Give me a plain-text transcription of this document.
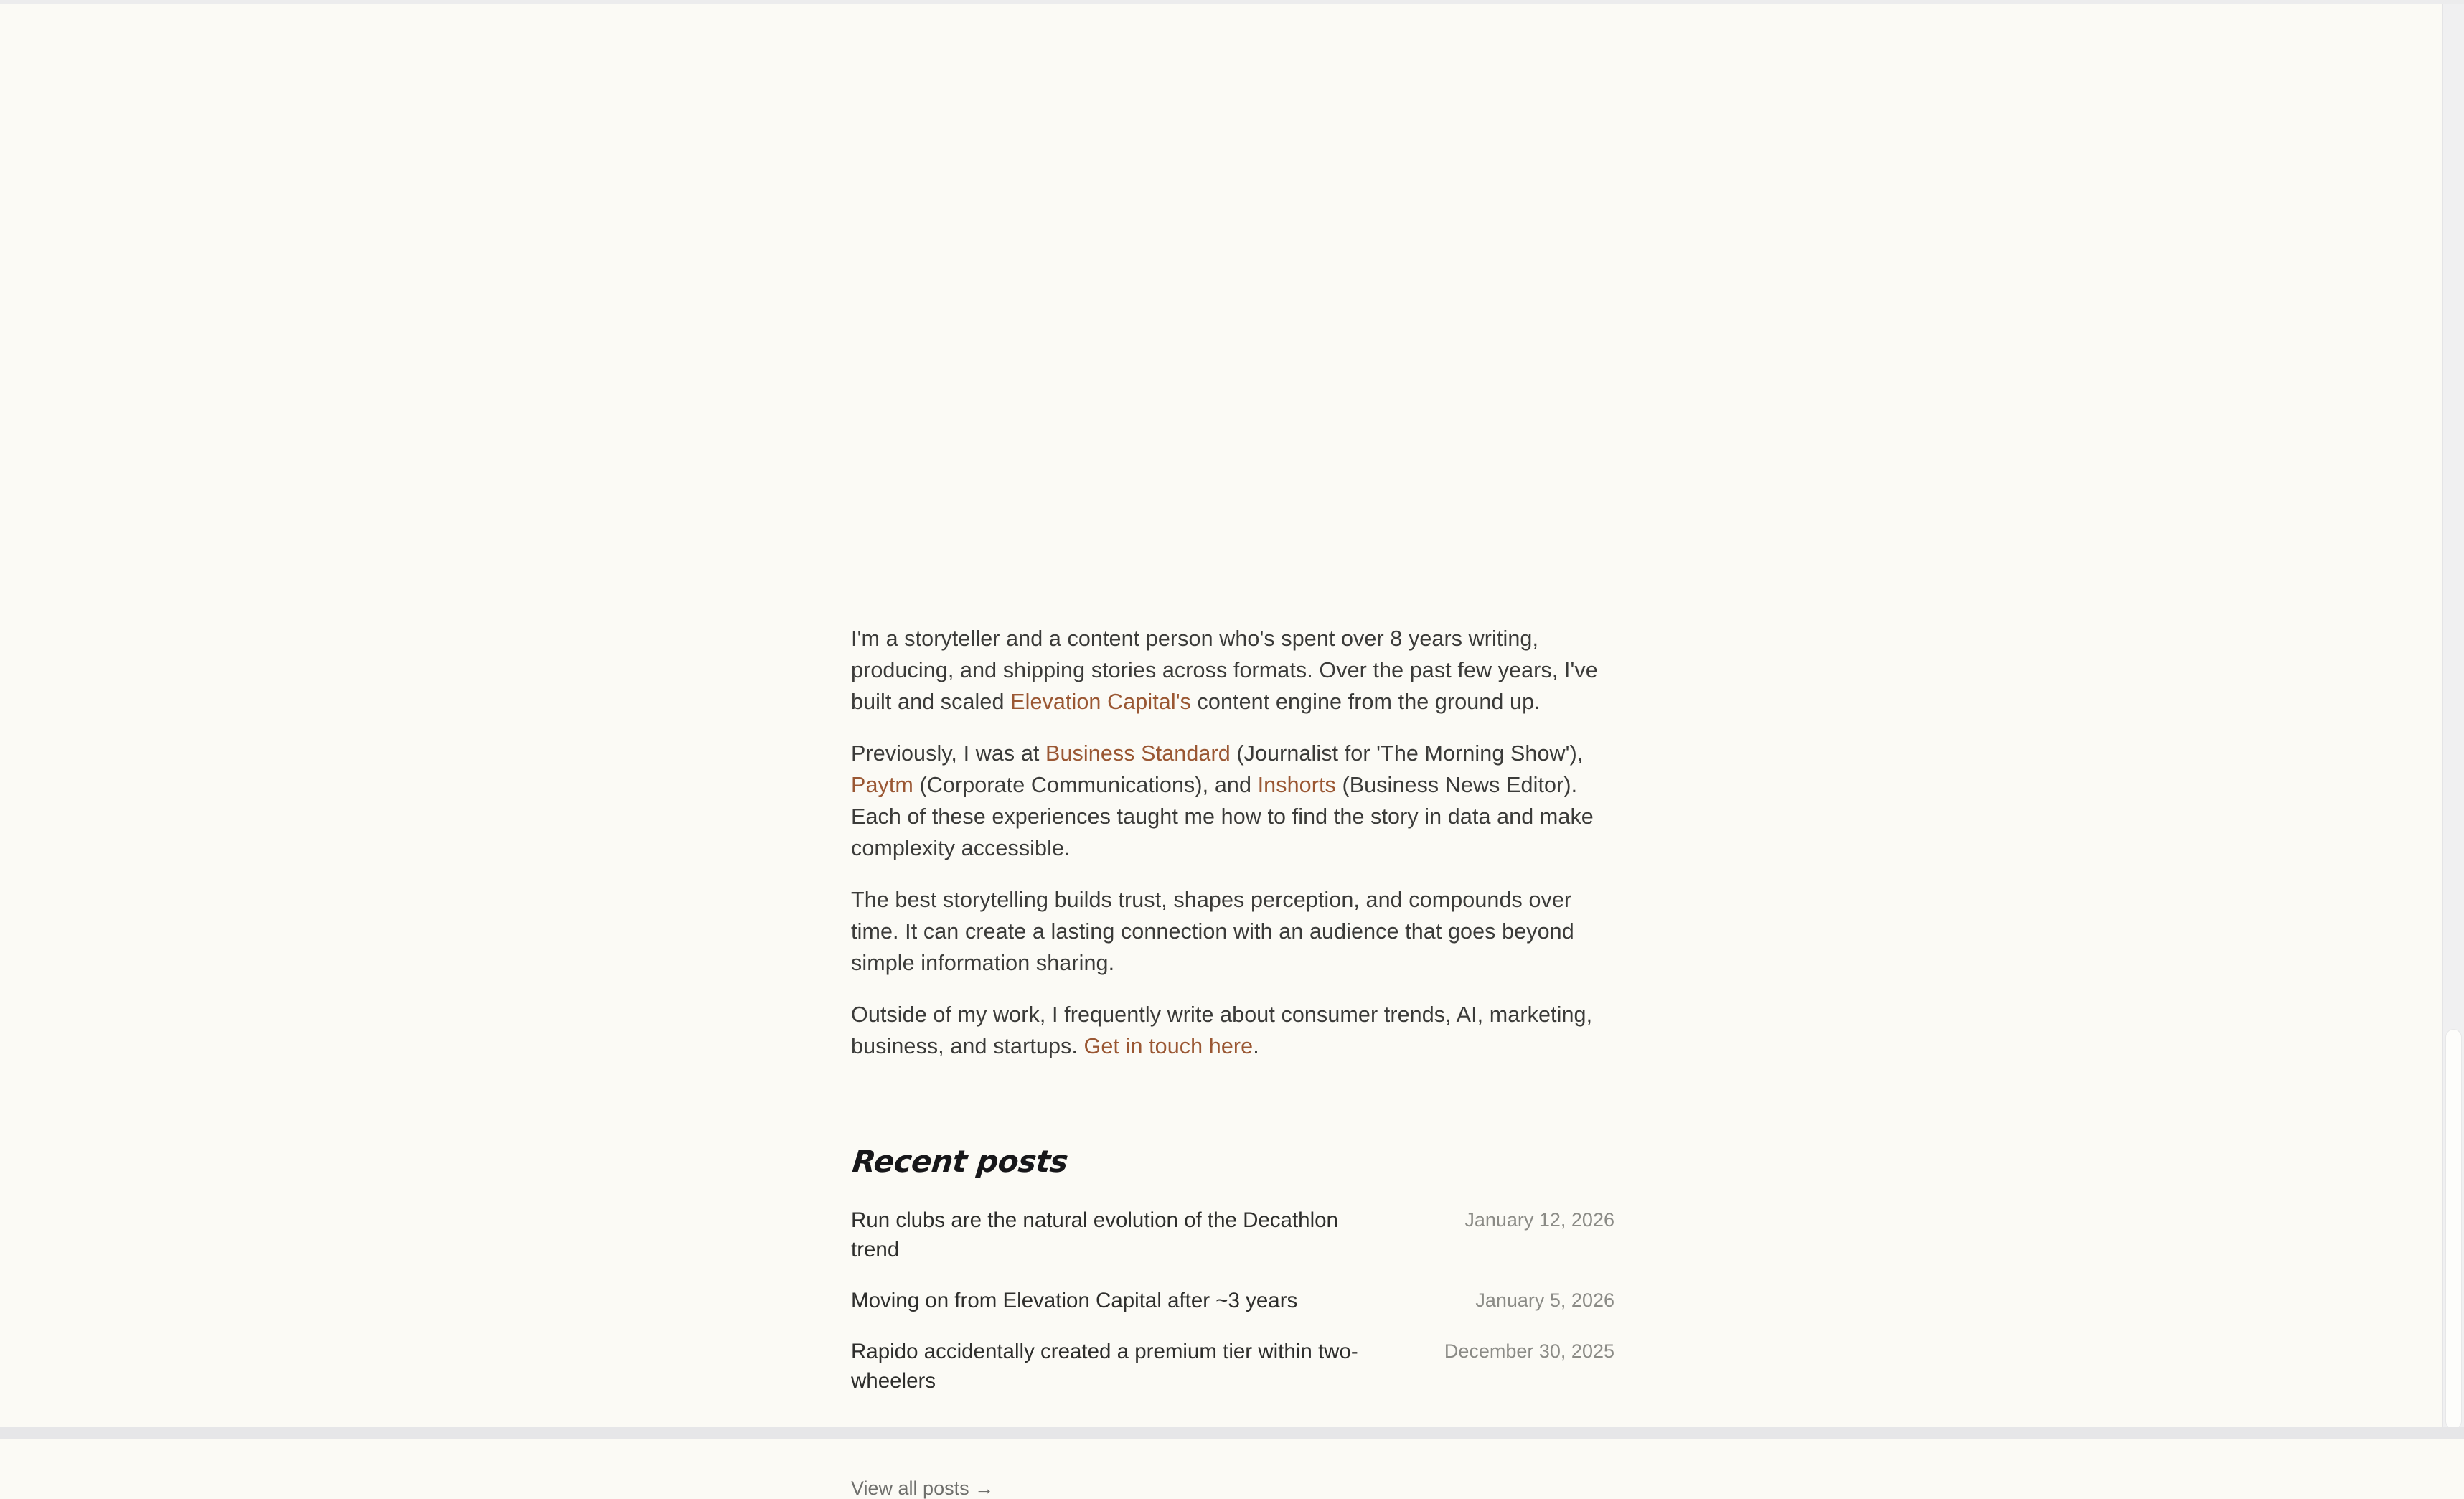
I'm a storyteller and a content person who's spent over 8 years writing, producing, and shipping stories across formats. Over the past few years, I've built and scaled Elevation Capital's content engine from the ground up.

Previously, I was at Business Standard (Journalist for 'The Morning Show'), Paytm (Corporate Communications), and Inshorts (Business News Editor). Each of these experiences taught me how to find the story in data and make complexity accessible.

The best storytelling builds trust, shapes perception, and compounds over time. It can create a lasting connection with an audience that goes beyond simple information sharing.

Outside of my work, I frequently write about consumer trends, AI, marketing, business, and startups. Get in touch here.

Recent posts
Run clubs are the natural evolution of the Decathlon trend
January 12, 2026
Moving on from Elevation Capital after ~3 years	January 5, 2026
Rapido accidentally created a premium tier within two-wheelers
December 30, 2025
View all posts →
